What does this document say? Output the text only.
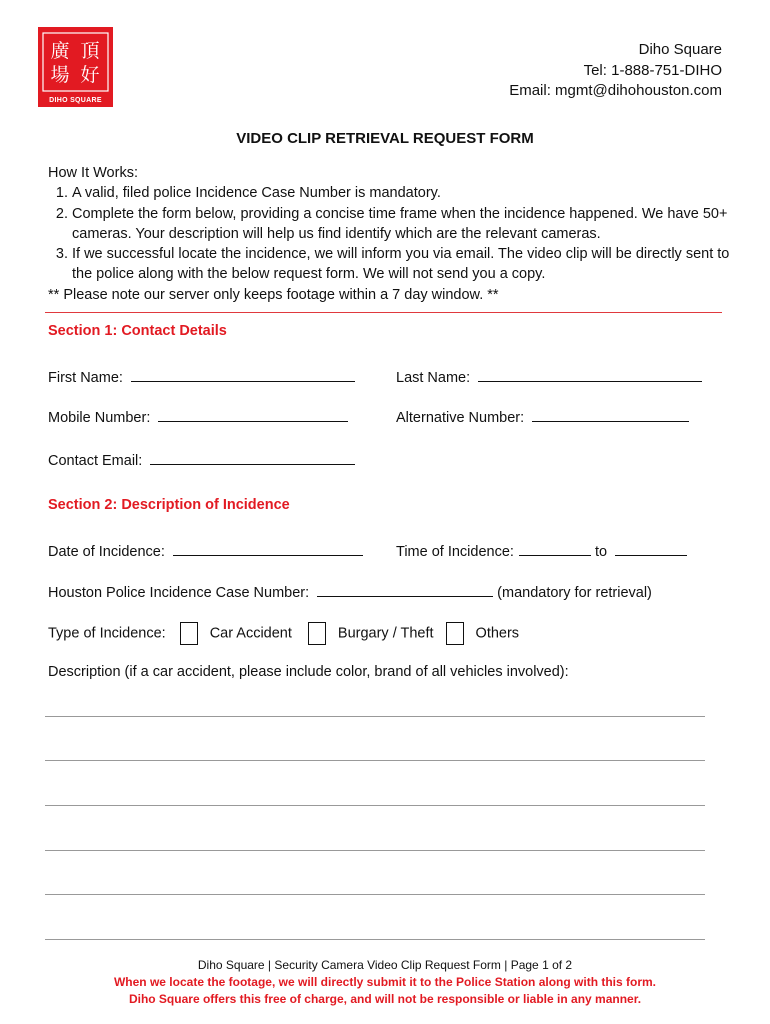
廣
場
頂
好
DIHO SQUARE
Diho Square
Tel: 1-888-751-DIHO
Email: mgmt@dihohouston.com
VIDEO CLIP RETRIEVAL REQUEST FORM
How It Works:
1. A valid, filed police Incidence Case Number is mandatory.
2. Complete the form below, providing a concise time frame when the incidence happened. We have 50+ cameras. Your description will help us find identify which are the relevant cameras.
3. If we successful locate the incidence, we will inform you via email. The video clip will be directly sent to the police along with the below request form. We will not send you a copy.
** Please note our server only keeps footage within a 7 day window. **
Section 1: Contact Details
First Name:	Last Name:
Mobile Number:	Alternative Number:
Contact Email:
Section 2: Description of Incidence
Date of Incidence:	Time of Incidence:	to
Houston Police Incidence Case Number:	(mandatory for retrieval)
Type of Incidence:	Car Accident	Burgary / Theft	Others
Description (if a car accident, please include color, brand of all vehicles involved):
Diho Square | Security Camera Video Clip Request Form | Page 1 of 2
When we locate the footage, we will directly submit it to the Police Station along with this form.
Diho Square offers this free of charge, and will not be responsible or liable in any manner.
